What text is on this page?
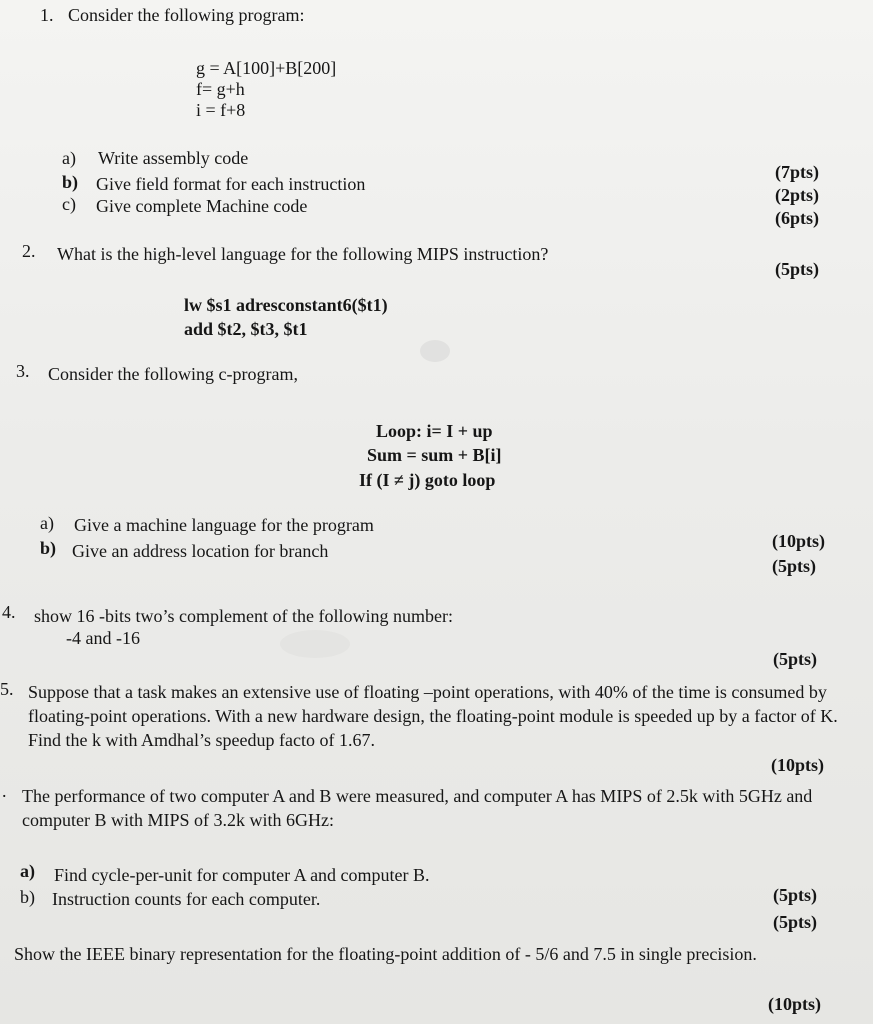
1. Consider the following program:
g = A[100]+B[200]
f= g+h
i = f+8
a) Write assembly code
b) Give field format for each instruction
c) Give complete Machine code
(7pts)
(2pts)
(6pts)
2. What is the high-level language for the following MIPS instruction?
(5pts)
lw $s1 adresconstant6($t1)
add $t2, $t3, $t1
3. Consider the following c-program,
Loop: i= I + up
Sum = sum + B[i]
If (I ≠ j) goto loop
a) Give a machine language for the program
b) Give an address location for branch	(10pts)
(5pts)
4. show 16 -bits two’s complement of the following number:
-4 and -16
(5pts)
5. Suppose that a task makes an extensive use of floating –point operations, with 40% of the time is consumed by floating-point operations. With a new hardware design, the floating-point module is speeded up by a factor of K. Find the k with Amdhal’s speedup facto of 1.67.
(10pts)
. The performance of two computer A and B were measured, and computer A has MIPS of 2.5k with 5GHz and computer B with MIPS of 3.2k with 6GHz:
a) Find cycle-per-unit for computer A and computer B.
b) Instruction counts for each computer.	(5pts)
(5pts)
Show the IEEE binary representation for the floating-point addition of - 5/6 and 7.5 in single precision.
(10pts)
